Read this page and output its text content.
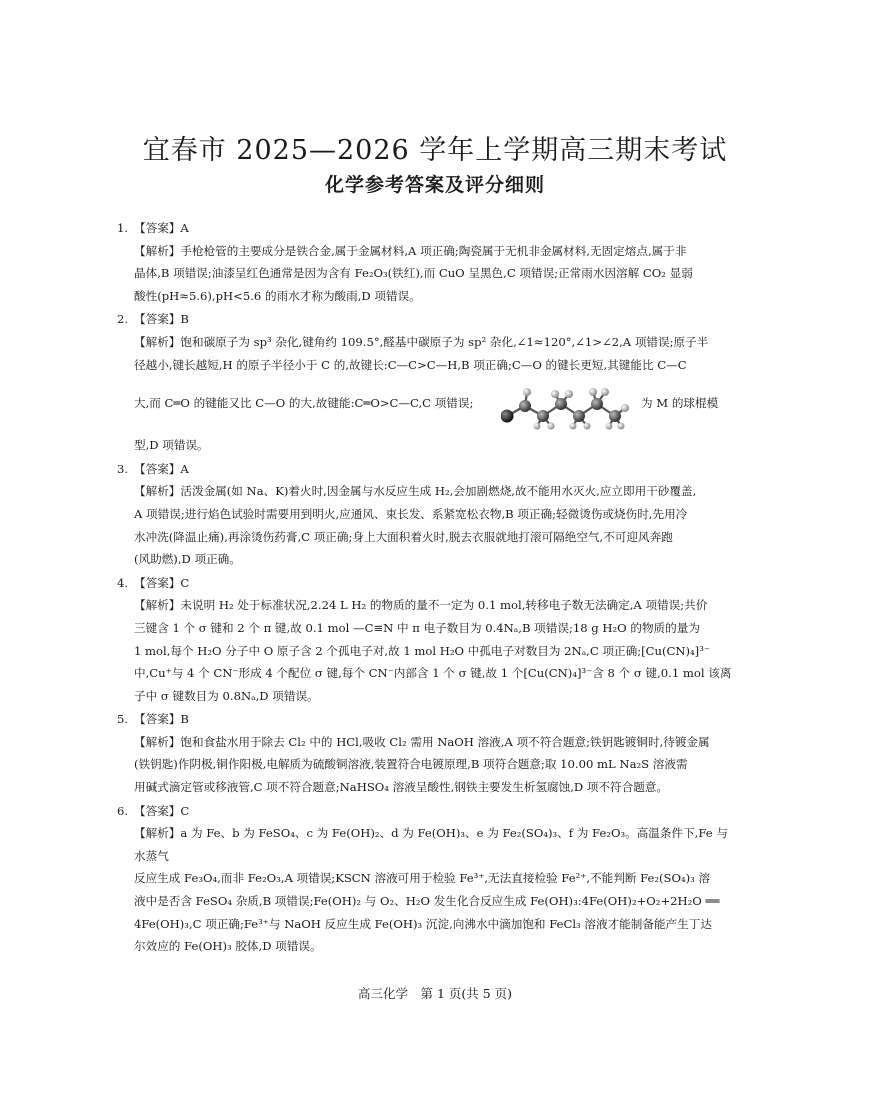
宜春市 2025—2026 学年上学期高三期末考试
化学参考答案及评分细则
1. 【答案】A
【解析】手枪枪管的主要成分是铁合金,属于金属材料,A 项正确;陶瓷属于无机非金属材料,无固定熔点,属于非
晶体,B 项错误;油漆呈红色通常是因为含有 Fe₂O₃(铁红),而 CuO 呈黑色,C 项错误;正常雨水因溶解 CO₂ 显弱
酸性(pH≈5.6),pH<5.6 的雨水才称为酸雨,D 项错误。
2. 【答案】B
【解析】饱和碳原子为 sp³ 杂化,键角约 109.5°,醛基中碳原子为 sp² 杂化,∠1≈120°,∠1>∠2,A 项错误;原子半
径越小,键长越短,H 的原子半径小于 C 的,故键长:C—C>C—H,B 项正确;C—O 的键长更短,其键能比 C—C
大,而 C═O 的键能又比 C—O 的大,故键能:C═O>C—C,C 项错误;	为 M 的球棍模
型,D 项错误。
3. 【答案】A
【解析】活泼金属(如 Na、K)着火时,因金属与水反应生成 H₂,会加剧燃烧,故不能用水灭火,应立即用干砂覆盖,
A 项错误;进行焰色试验时需要用到明火,应通风、束长发、系紧宽松衣物,B 项正确;轻微烫伤或烧伤时,先用冷
水冲洗(降温止痛),再涂烫伤药膏,C 项正确;身上大面积着火时,脱去衣服就地打滚可隔绝空气,不可迎风奔跑
(风助燃),D 项正确。
4. 【答案】C
【解析】未说明 H₂ 处于标准状况,2.24 L H₂ 的物质的量不一定为 0.1 mol,转移电子数无法确定,A 项错误;共价
三键含 1 个 σ 键和 2 个 π 键,故 0.1 mol —C≡N 中 π 电子数目为 0.4Nₐ,B 项错误;18 g H₂O 的物质的量为
1 mol,每个 H₂O 分子中 O 原子含 2 个孤电子对,故 1 mol H₂O 中孤电子对数目为 2Nₐ,C 项正确;[Cu(CN)₄]³⁻
中,Cu⁺与 4 个 CN⁻形成 4 个配位 σ 键,每个 CN⁻内部含 1 个 σ 键,故 1 个[Cu(CN)₄]³⁻含 8 个 σ 键,0.1 mol 该离
子中 σ 键数目为 0.8Nₐ,D 项错误。
5. 【答案】B
【解析】饱和食盐水用于除去 Cl₂ 中的 HCl,吸收 Cl₂ 需用 NaOH 溶液,A 项不符合题意;铁钥匙镀铜时,待镀金属
(铁钥匙)作阴极,铜作阳极,电解质为硫酸铜溶液,装置符合电镀原理,B 项符合题意;取 10.00 mL Na₂S 溶液需
用碱式滴定管或移液管,C 项不符合题意;NaHSO₄ 溶液呈酸性,钢铁主要发生析氢腐蚀,D 项不符合题意。
6. 【答案】C
【解析】a 为 Fe、b 为 FeSO₄、c 为 Fe(OH)₂、d 为 Fe(OH)₃、e 为 Fe₂(SO₄)₃、f 为 Fe₂O₃。高温条件下,Fe 与水蒸气
反应生成 Fe₃O₄,而非 Fe₂O₃,A 项错误;KSCN 溶液可用于检验 Fe³⁺,无法直接检验 Fe²⁺,不能判断 Fe₂(SO₄)₃ 溶
液中是否含 FeSO₄ 杂质,B 项错误;Fe(OH)₂ 与 O₂、H₂O 发生化合反应生成 Fe(OH)₃:4Fe(OH)₂+O₂+2H₂O ══
4Fe(OH)₃,C 项正确;Fe³⁺与 NaOH 反应生成 Fe(OH)₃ 沉淀,向沸水中滴加饱和 FeCl₃ 溶液才能制备能产生丁达
尔效应的 Fe(OH)₃ 胶体,D 项错误。
高三化学　第 1 页(共 5 页)
